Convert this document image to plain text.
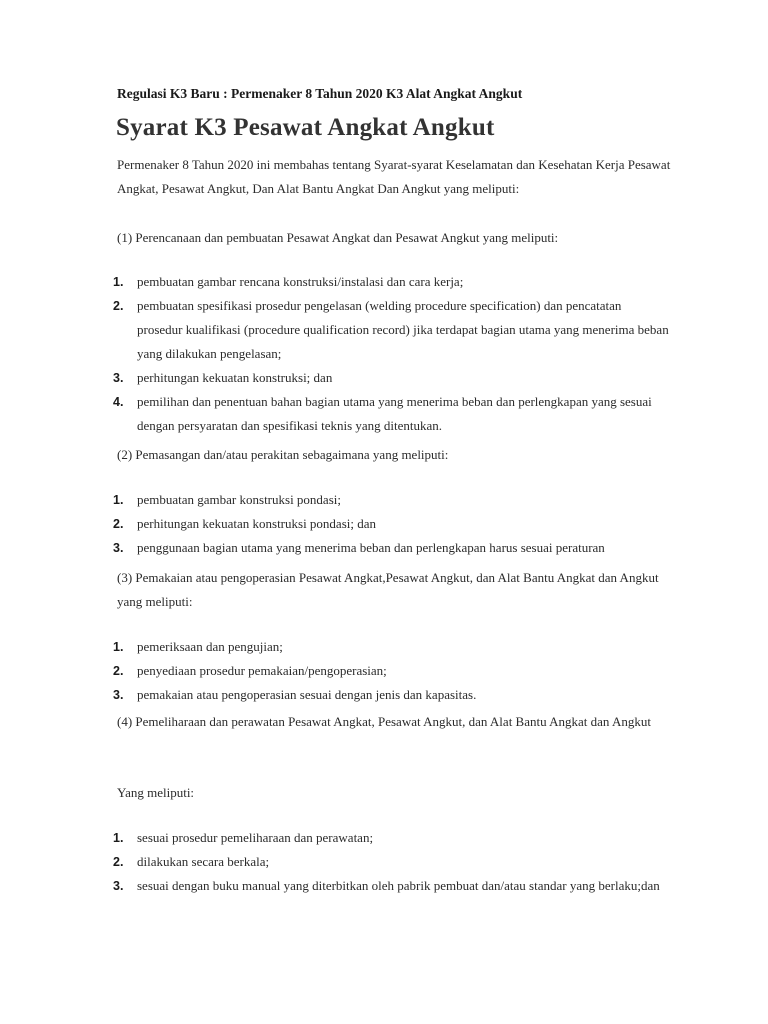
Regulasi K3 Baru : Permenaker 8 Tahun 2020 K3 Alat Angkat Angkut
Syarat K3 Pesawat Angkat Angkut

Permenaker 8 Tahun 2020 ini membahas tentang Syarat-syarat Keselamatan dan Kesehatan Kerja Pesawat Angkat, Pesawat Angkut, Dan Alat Bantu Angkat Dan Angkut yang meliputi:

(1) Perencanaan dan pembuatan Pesawat Angkat dan Pesawat Angkut yang meliputi:

1. pembuatan gambar rencana konstruksi/instalasi dan cara kerja;
2. pembuatan spesifikasi prosedur pengelasan (welding procedure specification) dan pencatatan prosedur kualifikasi (procedure qualification record) jika terdapat bagian utama yang menerima beban yang dilakukan pengelasan;
3. perhitungan kekuatan konstruksi; dan
4. pemilihan dan penentuan bahan bagian utama yang menerima beban dan perlengkapan yang sesuai dengan persyaratan dan spesifikasi teknis yang ditentukan.

(2) Pemasangan dan/atau perakitan sebagaimana yang meliputi:

1. pembuatan gambar konstruksi pondasi;
2. perhitungan kekuatan konstruksi pondasi; dan
3. penggunaan bagian utama yang menerima beban dan perlengkapan harus sesuai peraturan

(3) Pemakaian atau pengoperasian Pesawat Angkat,Pesawat Angkut, dan Alat Bantu Angkat dan Angkut yang meliputi:

1. pemeriksaan dan pengujian;
2. penyediaan prosedur pemakaian/pengoperasian;
3. pemakaian atau pengoperasian sesuai dengan jenis dan kapasitas.

(4) Pemeliharaan dan perawatan Pesawat Angkat, Pesawat Angkut, dan Alat Bantu Angkat dan Angkut

Yang meliputi:

1. sesuai prosedur pemeliharaan dan perawatan;
2. dilakukan secara berkala;
3. sesuai dengan buku manual yang diterbitkan oleh pabrik pembuat dan/atau standar yang berlaku;dan
